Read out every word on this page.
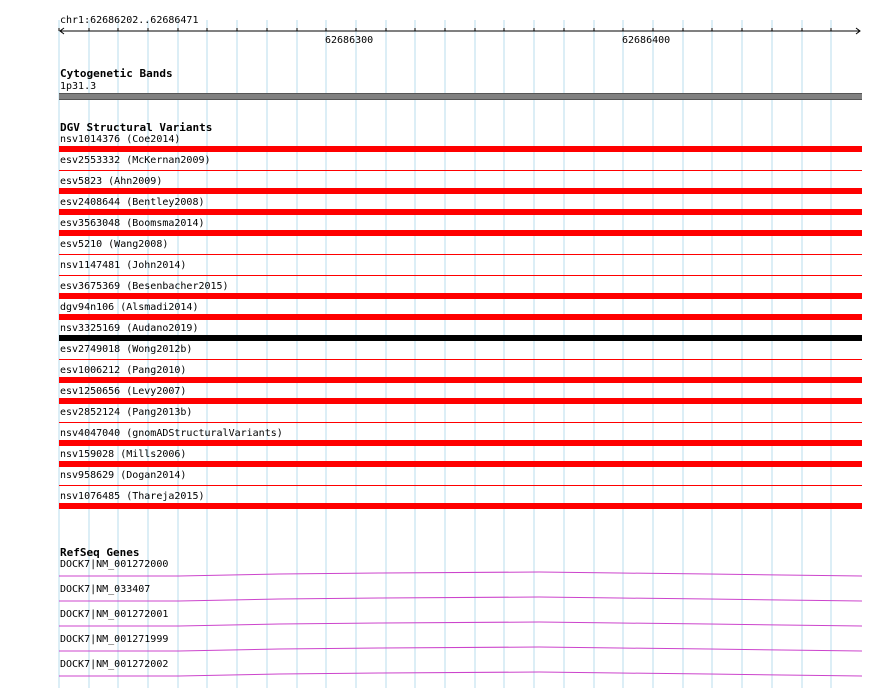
chr1:62686202..62686471
62686300	62686400
Cytogenetic Bands
1p31.3
DGV Structural Variants
nsv1014376 (Coe2014)
esv2553332 (McKernan2009)
esv5823 (Ahn2009)
esv2408644 (Bentley2008)
esv3563048 (Boomsma2014)
esv5210 (Wang2008)
nsv1147481 (John2014)
esv3675369 (Besenbacher2015)
dgv94n106 (Alsmadi2014)
nsv3325169 (Audano2019)
esv2749018 (Wong2012b)
esv1006212 (Pang2010)
esv1250656 (Levy2007)
esv2852124 (Pang2013b)
nsv4047040 (gnomADStructuralVariants)
nsv159028 (Mills2006)
nsv958629 (Dogan2014)
nsv1076485 (Thareja2015)
RefSeq Genes
DOCK7|NM_001272000
DOCK7|NM_033407
DOCK7|NM_001272001
DOCK7|NM_001271999
DOCK7|NM_001272002
